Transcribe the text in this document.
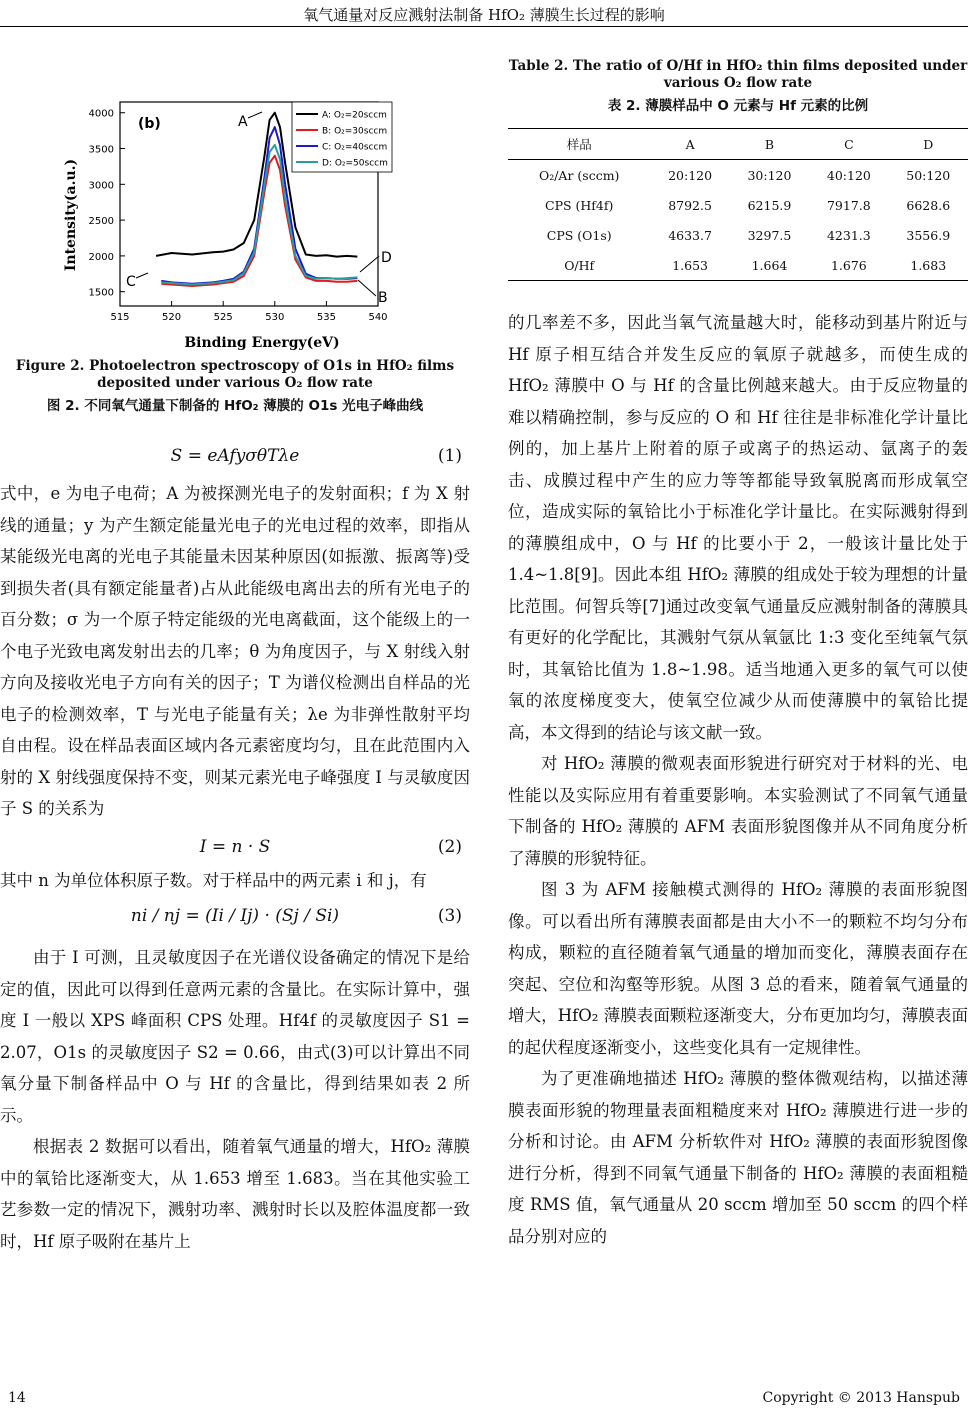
氧气通量对反应溅射法制备 HfO₂ 薄膜生长过程的影响
515	520	525	530	535	540
1500
2000
2500
3000
3500
4000
(b)
A: O₂=20sccm
B: O₂=30sccm
C: O₂=40sccm
D: O₂=50sccm
A
B
C
D
Binding Energy(eV)
Intensity(a.u.)
Figure 2. Photoelectron spectroscopy of O1s in HfO₂ films deposited under various O₂ flow rate
图 2. 不同氧气通量下制备的 HfO₂ 薄膜的 O1s 光电子峰曲线
S = eAfyσθTλe	(1)

式中，e 为电子电荷；A 为被探测光电子的发射面积；f 为 X 射线的通量；y 为产生额定能量光电子的光电过程的效率，即指从某能级光电离的光电子其能量未因某种原因(如振激、振离等)受到损失者(具有额定能量者)占从此能级电离出去的所有光电子的百分数；σ 为一个原子特定能级的光电离截面，这个能级上的一个电子光致电离发射出去的几率；θ 为角度因子，与 X 射线入射方向及接收光电子方向有关的因子；T 为谱仪检测出自样品的光电子的检测效率，T 与光电子能量有关；λe 为非弹性散射平均自由程。设在样品表面区域内各元素密度均匀，且在此范围内入射的 X 射线强度保持不变，则某元素光电子峰强度 I 与灵敏度因子 S 的关系为

I = n · S	(2)

其中 n 为单位体积原子数。对于样品中的两元素 i 和 j，有

ni / nj = (Ii / Ij) · (Sj / Si)	(3)

由于 I 可测，且灵敏度因子在光谱仪设备确定的情况下是给定的值，因此可以得到任意两元素的含量比。在实际计算中，强度 I 一般以 XPS 峰面积 CPS 处理。Hf4f 的灵敏度因子 S1 = 2.07，O1s 的灵敏度因子 S2 = 0.66，由式(3)可以计算出不同氧分量下制备样品中 O 与 Hf 的含量比，得到结果如表 2 所示。

根据表 2 数据可以看出，随着氧气通量的增大，HfO₂ 薄膜中的氧铪比逐渐变大，从 1.653 增至 1.683。当在其他实验工艺参数一定的情况下，溅射功率、溅射时长以及腔体温度都一致时，Hf 原子吸附在基片上

Table 2. The ratio of O/Hf in HfO₂ thin films deposited under various O₂ flow rate
表 2. 薄膜样品中 O 元素与 Hf 元素的比例
样品	A	B	C	D
O₂/Ar (sccm)	20:120	30:120	40:120	50:120
CPS (Hf4f)	8792.5	6215.9	7917.8	6628.6
CPS (O1s)	4633.7	3297.5	4231.3	3556.9
O/Hf	1.653	1.664	1.676	1.683

的几率差不多，因此当氧气流量越大时，能移动到基片附近与 Hf 原子相互结合并发生反应的氧原子就越多，而使生成的 HfO₂ 薄膜中 O 与 Hf 的含量比例越来越大。由于反应物量的难以精确控制，参与反应的 O 和 Hf 往往是非标准化学计量比例的，加上基片上附着的原子或离子的热运动、氩离子的轰击、成膜过程中产生的应力等等都能导致氧脱离而形成氧空位，造成实际的氧铪比小于标准化学计量比。在实际溅射得到的薄膜组成中，O 与 Hf 的比要小于 2，一般该计量比处于 1.4~1.8[9]。因此本组 HfO₂ 薄膜的组成处于较为理想的计量比范围。何智兵等[7]通过改变氧气通量反应溅射制备的薄膜具有更好的化学配比，其溅射气氛从氧氩比 1:3 变化至纯氧气氛时，其氧铪比值为 1.8~1.98。适当地通入更多的氧气可以使氧的浓度梯度变大，使氧空位减少从而使薄膜中的氧铪比提高，本文得到的结论与该文献一致。

对 HfO₂ 薄膜的微观表面形貌进行研究对于材料的光、电性能以及实际应用有着重要影响。本实验测试了不同氧气通量下制备的 HfO₂ 薄膜的 AFM 表面形貌图像并从不同角度分析了薄膜的形貌特征。

图 3 为 AFM 接触模式测得的 HfO₂ 薄膜的表面形貌图像。可以看出所有薄膜表面都是由大小不一的颗粒不均匀分布构成，颗粒的直径随着氧气通量的增加而变化，薄膜表面存在突起、空位和沟壑等形貌。从图 3 总的看来，随着氧气通量的增大，HfO₂ 薄膜表面颗粒逐渐变大，分布更加均匀，薄膜表面的起伏程度逐渐变小，这些变化具有一定规律性。

为了更准确地描述 HfO₂ 薄膜的整体微观结构，以描述薄膜表面形貌的物理量表面粗糙度来对 HfO₂ 薄膜进行进一步的分析和讨论。由 AFM 分析软件对 HfO₂ 薄膜的表面形貌图像进行分析，得到不同氧气通量下制备的 HfO₂ 薄膜的表面粗糙度 RMS 值，氧气通量从 20 sccm 增加至 50 sccm 的四个样品分别对应的

14	Copyright © 2013 Hanspub
